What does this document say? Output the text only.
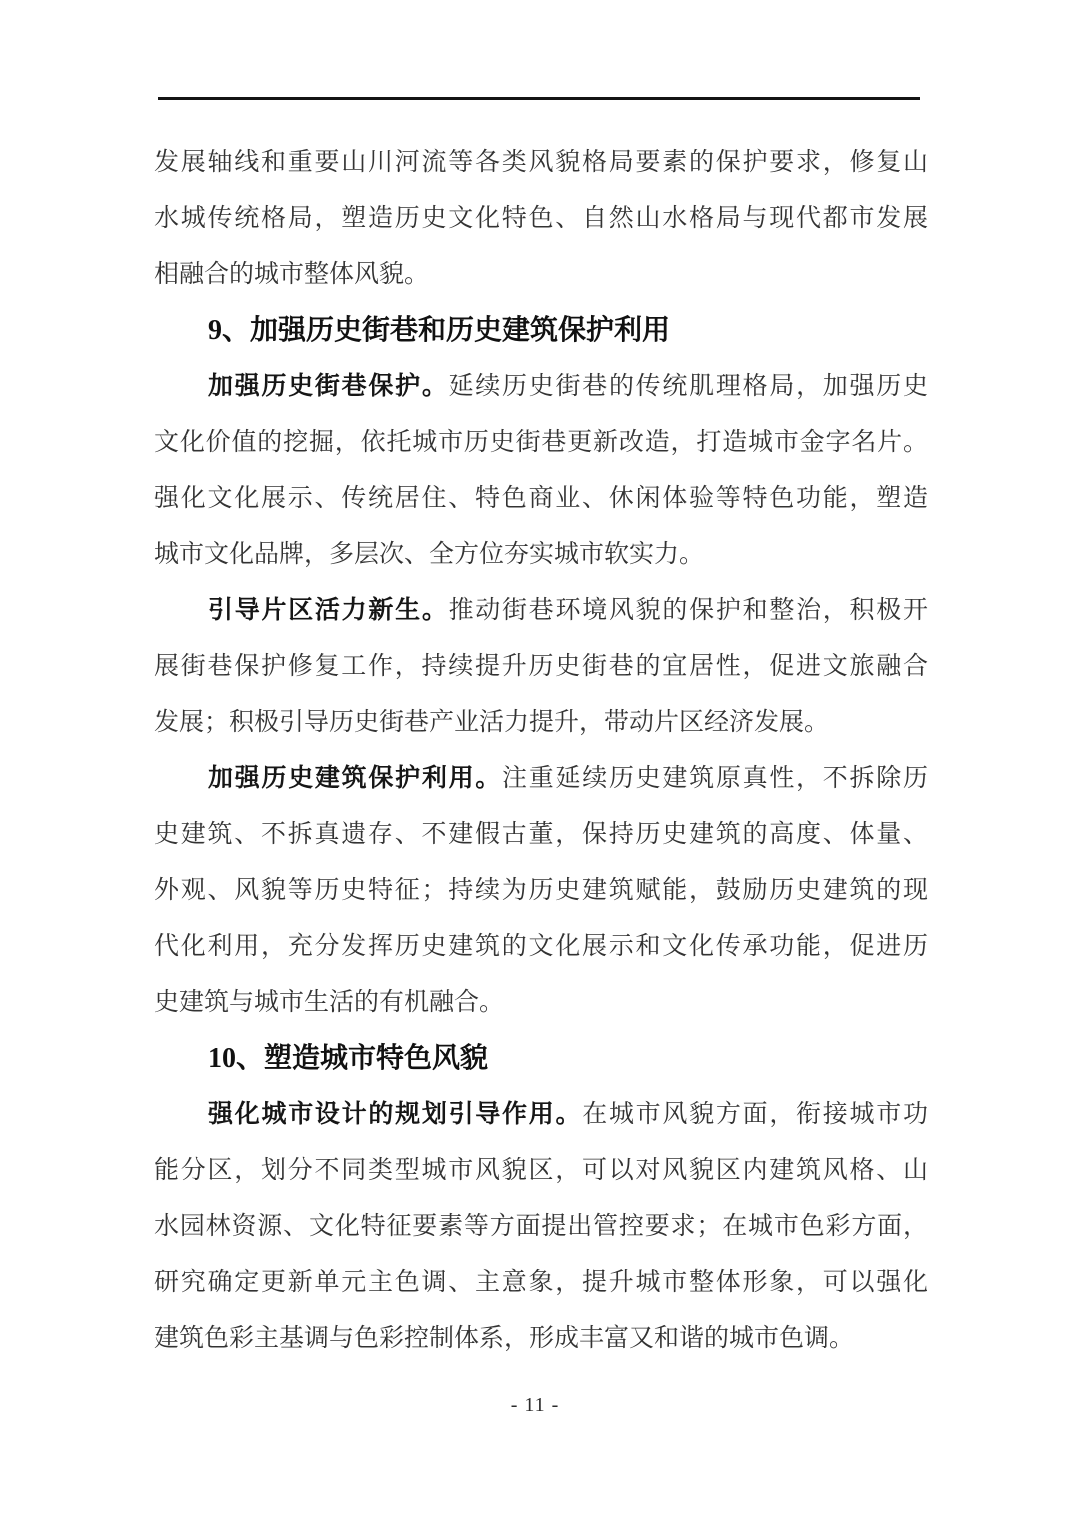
发展轴线和重要山川河流等各类风貌格局要素的保护要求，修复山
水城传统格局，塑造历史文化特色、自然山水格局与现代都市发展
相融合的城市整体风貌。
9、加强历史街巷和历史建筑保护利用
加强历史街巷保护。延续历史街巷的传统肌理格局，加强历史
文化价值的挖掘，依托城市历史街巷更新改造，打造城市金字名片。
强化文化展示、传统居住、特色商业、休闲体验等特色功能，塑造
城市文化品牌，多层次、全方位夯实城市软实力。
引导片区活力新生。推动街巷环境风貌的保护和整治，积极开
展街巷保护修复工作，持续提升历史街巷的宜居性，促进文旅融合
发展；积极引导历史街巷产业活力提升，带动片区经济发展。
加强历史建筑保护利用。注重延续历史建筑原真性，不拆除历
史建筑、不拆真遗存、不建假古董，保持历史建筑的高度、体量、
外观、风貌等历史特征；持续为历史建筑赋能，鼓励历史建筑的现
代化利用，充分发挥历史建筑的文化展示和文化传承功能，促进历
史建筑与城市生活的有机融合。
10、塑造城市特色风貌
强化城市设计的规划引导作用。在城市风貌方面，衔接城市功
能分区，划分不同类型城市风貌区，可以对风貌区内建筑风格、山
水园林资源、文化特征要素等方面提出管控要求；在城市色彩方面，
研究确定更新单元主色调、主意象，提升城市整体形象，可以强化
建筑色彩主基调与色彩控制体系，形成丰富又和谐的城市色调。
- 11 -
